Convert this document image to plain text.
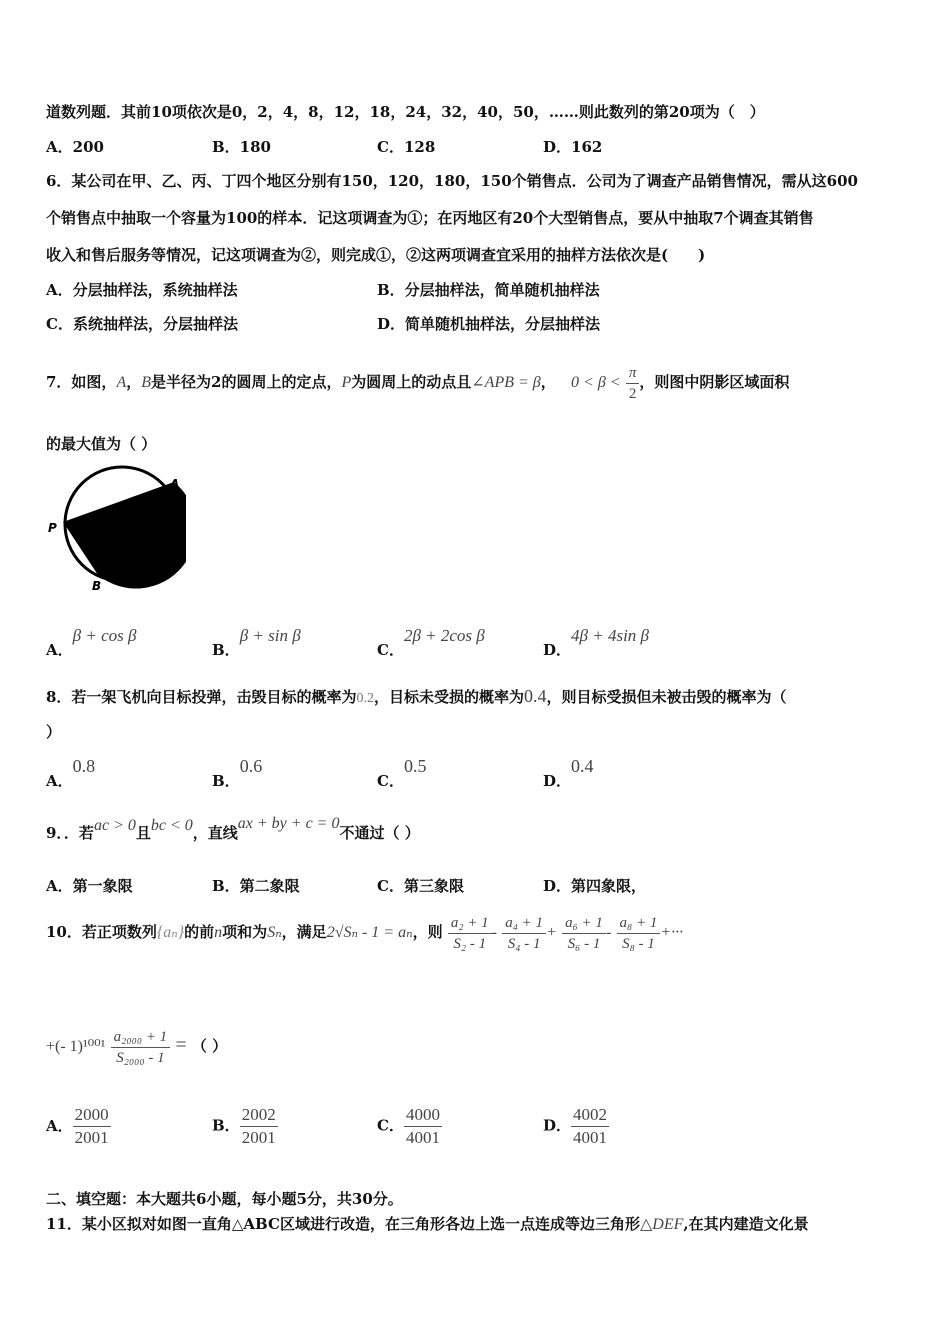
道数列题．其前10项依次是0，2，4，8，12，18，24，32，40，50，……则此数列的第20项为（　）
A．200	B．180	C．128	D．162
6．某公司在甲、乙、丙、丁四个地区分别有150，120，180，150个销售点．公司为了调查产品销售情况，需从这600
个销售点中抽取一个容量为100的样本．记这项调查为①；在丙地区有20个大型销售点，要从中抽取7个调查其销售
收入和售后服务等情况，记这项调查为②，则完成①，②这两项调查宜采用的抽样方法依次是(　　)
A．分层抽样法，系统抽样法	B．分层抽样法，简单随机抽样法
C．系统抽样法，分层抽样法	D．简单随机抽样法，分层抽样法
7．如图，A，B是半径为2的圆周上的定点，P为圆周上的动点且∠APB = β， $0 < \beta < \frac{\pi}{2}$ ，则图中阴影区域面积
的最大值为（ ）
A
P
B
A．β + cos β
B．β + sin β
C．2β + 2cos β
D．4β + 4sin β
8．若一架飞机向目标投弹，击毁目标的概率为0.2，目标未受损的概率为0.4，则目标受损但未被击毁的概率为（
）
A．0.8
B．0.6
C．0.5
D．0.4
9．．若ac > 0且bc < 0，直线ax + by + c = 0不通过（ ）
A．第一象限	B．第二象限	C．第三象限	D．第四象限，
10．若正项数列{aₙ}的前n项和为Sₙ，满足2√Sₙ - 1 = aₙ，则 $\frac{\text{a₂ + 1}}{\text{S₂ - 1}} - \frac{\text{a₄ + 1}}{\text{S₄ - 1}} + \frac{\text{a₆ + 1}}{\text{S₆ - 1}} - \frac{\text{a₈ + 1}}{\text{S₈ - 1}}$ +···
+(- $1)^{1001} \frac{\text{a₂₀₀₀ + 1}}{\text{S₂₀₀₀ - 1}}$ = （ ）
A． $\frac{2000}{2001}$	B． $\frac{2002}{2001}$	C． $\frac{4000}{4001}$	D． $\frac{4002}{4001}$
二、填空题：本大题共6小题，每小题5分，共30分。
11．某小区拟对如图一直角△ABC区域进行改造，在三角形各边上选一点连成等边三角形△DEF,在其内建造文化景
